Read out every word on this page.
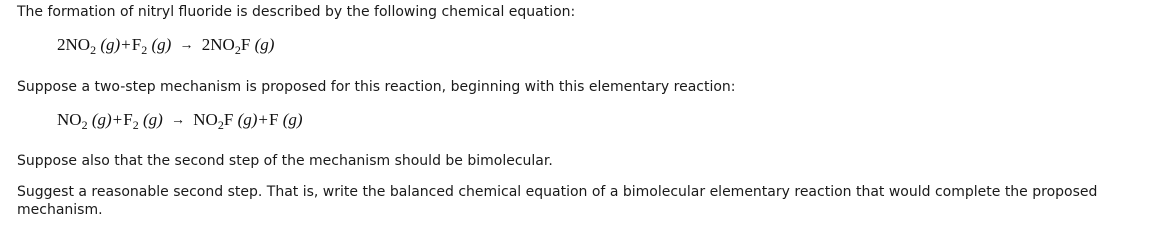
The formation of nitryl fluoride is described by the following chemical equation:

$2NO_2$ $(g)+F_2$ $(g) \to 2NO_2F$ (g)

Suppose a two-step mechanism is proposed for this reaction, beginning with this elementary reaction:

$NO_2$ $(g)+F_2$ $(g) \to NO_2F$ (g)+F (g)

Suppose also that the second step of the mechanism should be bimolecular.

Suggest a reasonable second step. That is, write the balanced chemical equation of a bimolecular elementary reaction that would complete the proposed mechanism.
